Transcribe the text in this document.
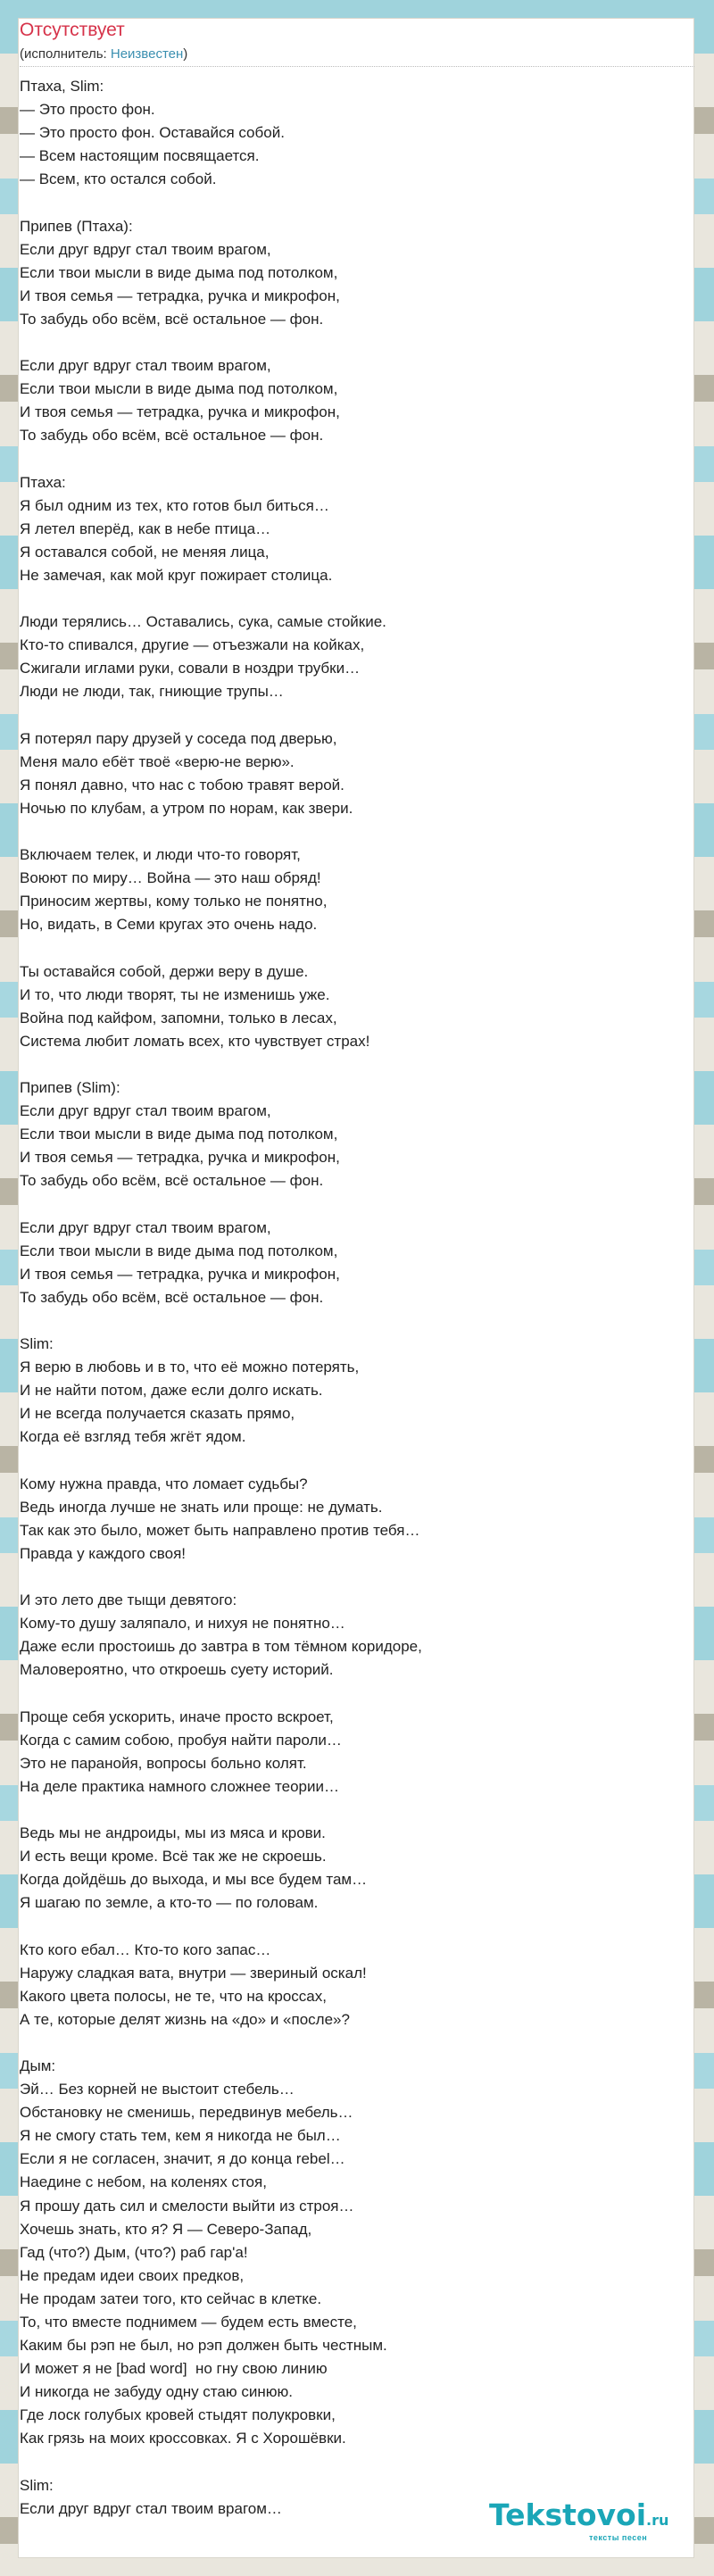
Отсутствует
(исполнитель: Неизвестен)
Птаха, Slim:
— Это просто фон.
— Это просто фон. Оставайся собой.
— Всем настоящим посвящается.
— Всем, кто остался собой.

Припев (Птаха):
Если друг вдруг стал твоим врагом,
Если твои мысли в виде дыма под потолком,
И твоя семья — тетрадка, ручка и микрофон,
То забудь обо всём, всё остальное — фон.

Если друг вдруг стал твоим врагом,
Если твои мысли в виде дыма под потолком,
И твоя семья — тетрадка, ручка и микрофон,
То забудь обо всём, всё остальное — фон.

Птаха:
Я был одним из тех, кто готов был биться…
Я летел вперёд, как в небе птица…
Я оставался собой, не меняя лица,
Не замечая, как мой круг пожирает столица.

Люди терялись… Оставались, сука, самые стойкие.
Кто-то спивался, другие — отъезжали на койках,
Сжигали иглами руки, совали в ноздри трубки…
Люди не люди, так, гниющие трупы…

Я потерял пару друзей у соседа под дверью,
Меня мало ебёт твоё «верю-не верю».
Я понял давно, что нас с тобою травят верой.
Ночью по клубам, а утром по норам, как звери.

Включаем телек, и люди что-то говорят,
Воюют по миру… Война — это наш обряд!
Приносим жертвы, кому только не понятно,
Но, видать, в Семи кругах это очень надо.

Ты оставайся собой, держи веру в душе.
И то, что люди творят, ты не изменишь уже.
Война под кайфом, запомни, только в лесах,
Система любит ломать всех, кто чувствует страх!

Припев (Slim):
Если друг вдруг стал твоим врагом,
Если твои мысли в виде дыма под потолком,
И твоя семья — тетрадка, ручка и микрофон,
То забудь обо всём, всё остальное — фон.

Если друг вдруг стал твоим врагом,
Если твои мысли в виде дыма под потолком,
И твоя семья — тетрадка, ручка и микрофон,
То забудь обо всём, всё остальное — фон.

Slim:
Я верю в любовь и в то, что её можно потерять,
И не найти потом, даже если долго искать.
И не всегда получается сказать прямо,
Когда её взгляд тебя жгёт ядом.

Кому нужна правда, что ломает судьбы?
Ведь иногда лучше не знать или проще: не думать.
Так как это было, может быть направлено против тебя…
Правда у каждого своя!

И это лето две тыщи девятого:
Кому-то душу заляпало, и нихуя не понятно…
Даже если простоишь до завтра в том тёмном коридоре,
Маловероятно, что откроешь суету историй.

Проще себя ускорить, иначе просто вскроет,
Когда с самим собою, пробуя найти пароли…
Это не паранойя, вопросы больно колят.
На деле практика намного сложнее теории…

Ведь мы не андроиды, мы из мяса и крови.
И есть вещи кроме. Всё так же не скроешь.
Когда дойдёшь до выхода, и мы все будем там…
Я шагаю по земле, а кто-то — по головам.

Кто кого ебал… Кто-то кого запас…
Наружу сладкая вата, внутри — звериный оскал!
Какого цвета полосы, не те, что на кроссах,
А те, которые делят жизнь на «до» и «после»?

Дым:
Эй… Без корней не выстоит стебель…
Обстановку не сменишь, передвинув мебель…
Я не смогу стать тем, кем я никогда не был…
Если я не согласен, значит, я до конца rebel…
Наедине с небом, на коленях стоя,
Я прошу дать сил и смелости выйти из строя…
Хочешь знать, кто я? Я — Северо-Запад,
Гад (что?) Дым, (что?) раб гар'а!
Не предам идеи своих предков,
Не продам затеи того, кто сейчас в клетке.
То, что вместе поднимем — будем есть вместе,
Каким бы рэп не был, но рэп должен быть честным.
И может я не [bad word]  но гну свою линию
И никогда не забуду одну стаю синюю.
Где лоск голубых кровей стыдят полукровки,
Как грязь на моих кроссовках. Я с Хорошёвки.

Slim:
Если друг вдруг стал твоим врагом…	Tekstovoi.ru
тексты песен
